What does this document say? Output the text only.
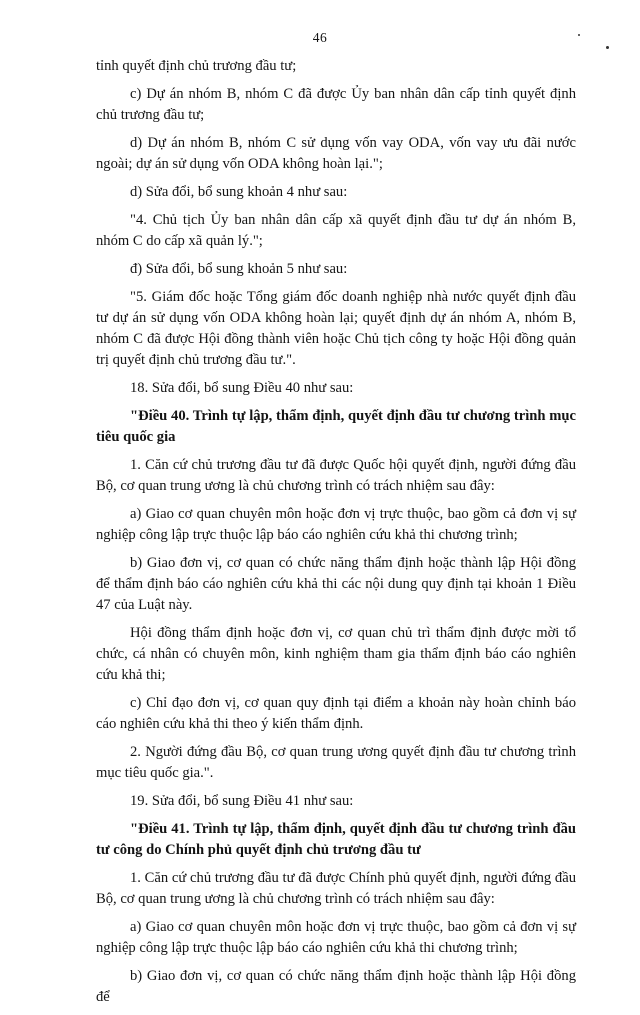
46

tỉnh quyết định chủ trương đầu tư;

c) Dự án nhóm B, nhóm C đã được Ủy ban nhân dân cấp tỉnh quyết định chủ trương đầu tư;

d) Dự án nhóm B, nhóm C sử dụng vốn vay ODA, vốn vay ưu đãi nước ngoài; dự án sử dụng vốn ODA không hoàn lại.";

d) Sửa đổi, bổ sung khoản 4 như sau:

"4. Chủ tịch Ủy ban nhân dân cấp xã quyết định đầu tư dự án nhóm B, nhóm C do cấp xã quản lý.";

đ) Sửa đổi, bổ sung khoản 5 như sau:

"5. Giám đốc hoặc Tổng giám đốc doanh nghiệp nhà nước quyết định đầu tư dự án sử dụng vốn ODA không hoàn lại; quyết định dự án nhóm A, nhóm B, nhóm C đã được Hội đồng thành viên hoặc Chủ tịch công ty hoặc Hội đồng quản trị quyết định chủ trương đầu tư.".

18. Sửa đổi, bổ sung Điều 40 như sau:

"Điều 40. Trình tự lập, thẩm định, quyết định đầu tư chương trình mục tiêu quốc gia

1. Căn cứ chủ trương đầu tư đã được Quốc hội quyết định, người đứng đầu Bộ, cơ quan trung ương là chủ chương trình có trách nhiệm sau đây:

a) Giao cơ quan chuyên môn hoặc đơn vị trực thuộc, bao gồm cả đơn vị sự nghiệp công lập trực thuộc lập báo cáo nghiên cứu khả thi chương trình;

b) Giao đơn vị, cơ quan có chức năng thẩm định hoặc thành lập Hội đồng để thẩm định báo cáo nghiên cứu khả thi các nội dung quy định tại khoản 1 Điều 47 của Luật này.

Hội đồng thẩm định hoặc đơn vị, cơ quan chủ trì thẩm định được mời tổ chức, cá nhân có chuyên môn, kinh nghiệm tham gia thẩm định báo cáo nghiên cứu khả thi;

c) Chỉ đạo đơn vị, cơ quan quy định tại điểm a khoản này hoàn chỉnh báo cáo nghiên cứu khả thi theo ý kiến thẩm định.

2. Người đứng đầu Bộ, cơ quan trung ương quyết định đầu tư chương trình mục tiêu quốc gia.".

19. Sửa đổi, bổ sung Điều 41 như sau:

"Điều 41. Trình tự lập, thẩm định, quyết định đầu tư chương trình đầu tư công do Chính phủ quyết định chủ trương đầu tư

1. Căn cứ chủ trương đầu tư đã được Chính phủ quyết định, người đứng đầu Bộ, cơ quan trung ương là chủ chương trình có trách nhiệm sau đây:

a) Giao cơ quan chuyên môn hoặc đơn vị trực thuộc, bao gồm cả đơn vị sự nghiệp công lập trực thuộc lập báo cáo nghiên cứu khả thi chương trình;

b) Giao đơn vị, cơ quan có chức năng thẩm định hoặc thành lập Hội đồng để
